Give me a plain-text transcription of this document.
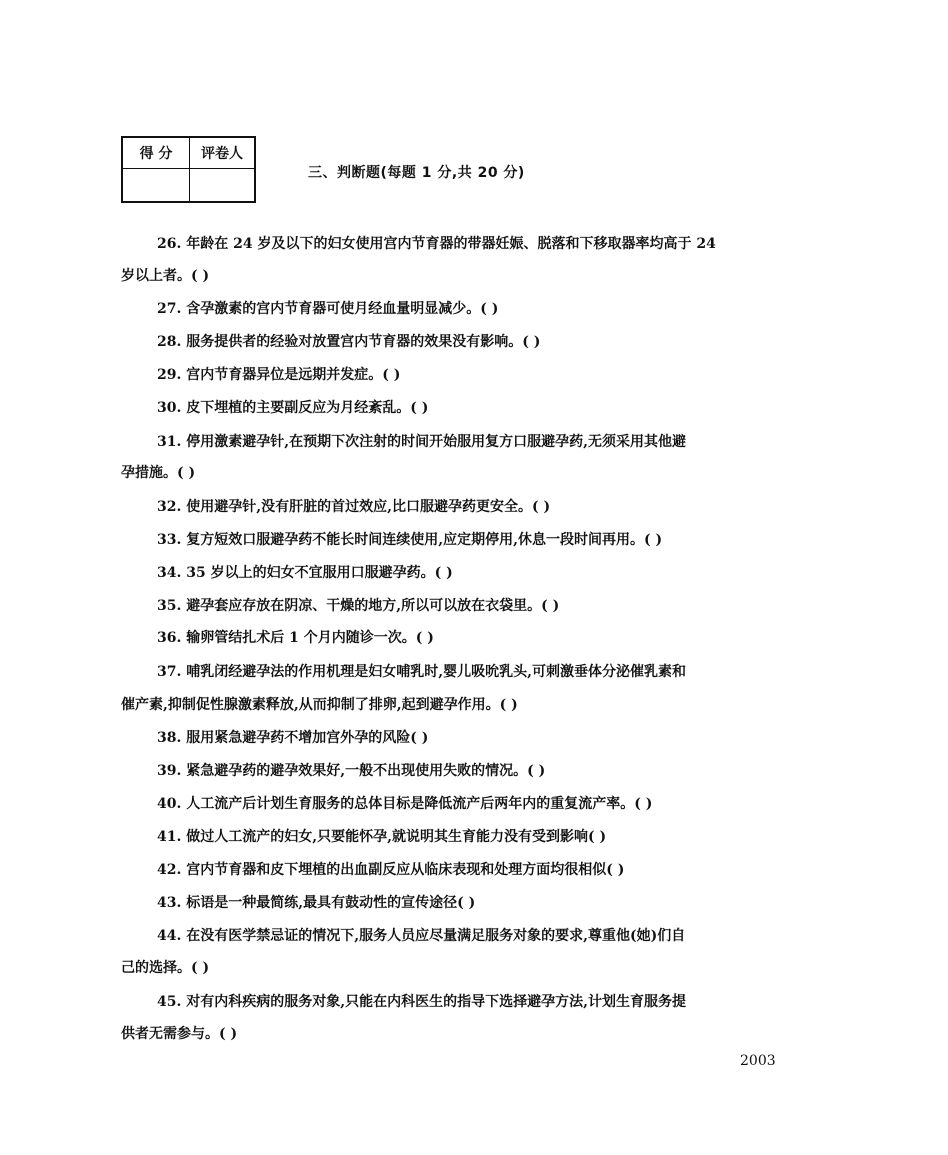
得 分	评卷人

三、判断题(每题 1 分,共 20 分)
26. 年龄在 24 岁及以下的妇女使用宫内节育器的带器妊娠、脱落和下移取器率均高于 24
岁以上者。( )
27. 含孕激素的宫内节育器可使月经血量明显减少。( )
28. 服务提供者的经验对放置宫内节育器的效果没有影响。( )
29. 宫内节育器异位是远期并发症。( )
30. 皮下埋植的主要副反应为月经紊乱。( )
31. 停用激素避孕针,在预期下次注射的时间开始服用复方口服避孕药,无须采用其他避
孕措施。( )
32. 使用避孕针,没有肝脏的首过效应,比口服避孕药更安全。( )
33. 复方短效口服避孕药不能长时间连续使用,应定期停用,休息一段时间再用。( )
34. 35 岁以上的妇女不宜服用口服避孕药。( )
35. 避孕套应存放在阴凉、干燥的地方,所以可以放在衣袋里。( )
36. 输卵管结扎术后 1 个月内随诊一次。( )
37. 哺乳闭经避孕法的作用机理是妇女哺乳时,婴儿吸吮乳头,可刺激垂体分泌催乳素和
催产素,抑制促性腺激素释放,从而抑制了排卵,起到避孕作用。( )
38. 服用紧急避孕药不增加宫外孕的风险( )
39. 紧急避孕药的避孕效果好,一般不出现使用失败的情况。( )
40. 人工流产后计划生育服务的总体目标是降低流产后两年内的重复流产率。( )
41. 做过人工流产的妇女,只要能怀孕,就说明其生育能力没有受到影响( )
42. 宫内节育器和皮下埋植的出血副反应从临床表现和处理方面均很相似( )
43. 标语是一种最简练,最具有鼓动性的宣传途径( )
44. 在没有医学禁忌证的情况下,服务人员应尽量满足服务对象的要求,尊重他(她)们自
己的选择。( )
45. 对有内科疾病的服务对象,只能在内科医生的指导下选择避孕方法,计划生育服务提
供者无需参与。( )
2003
